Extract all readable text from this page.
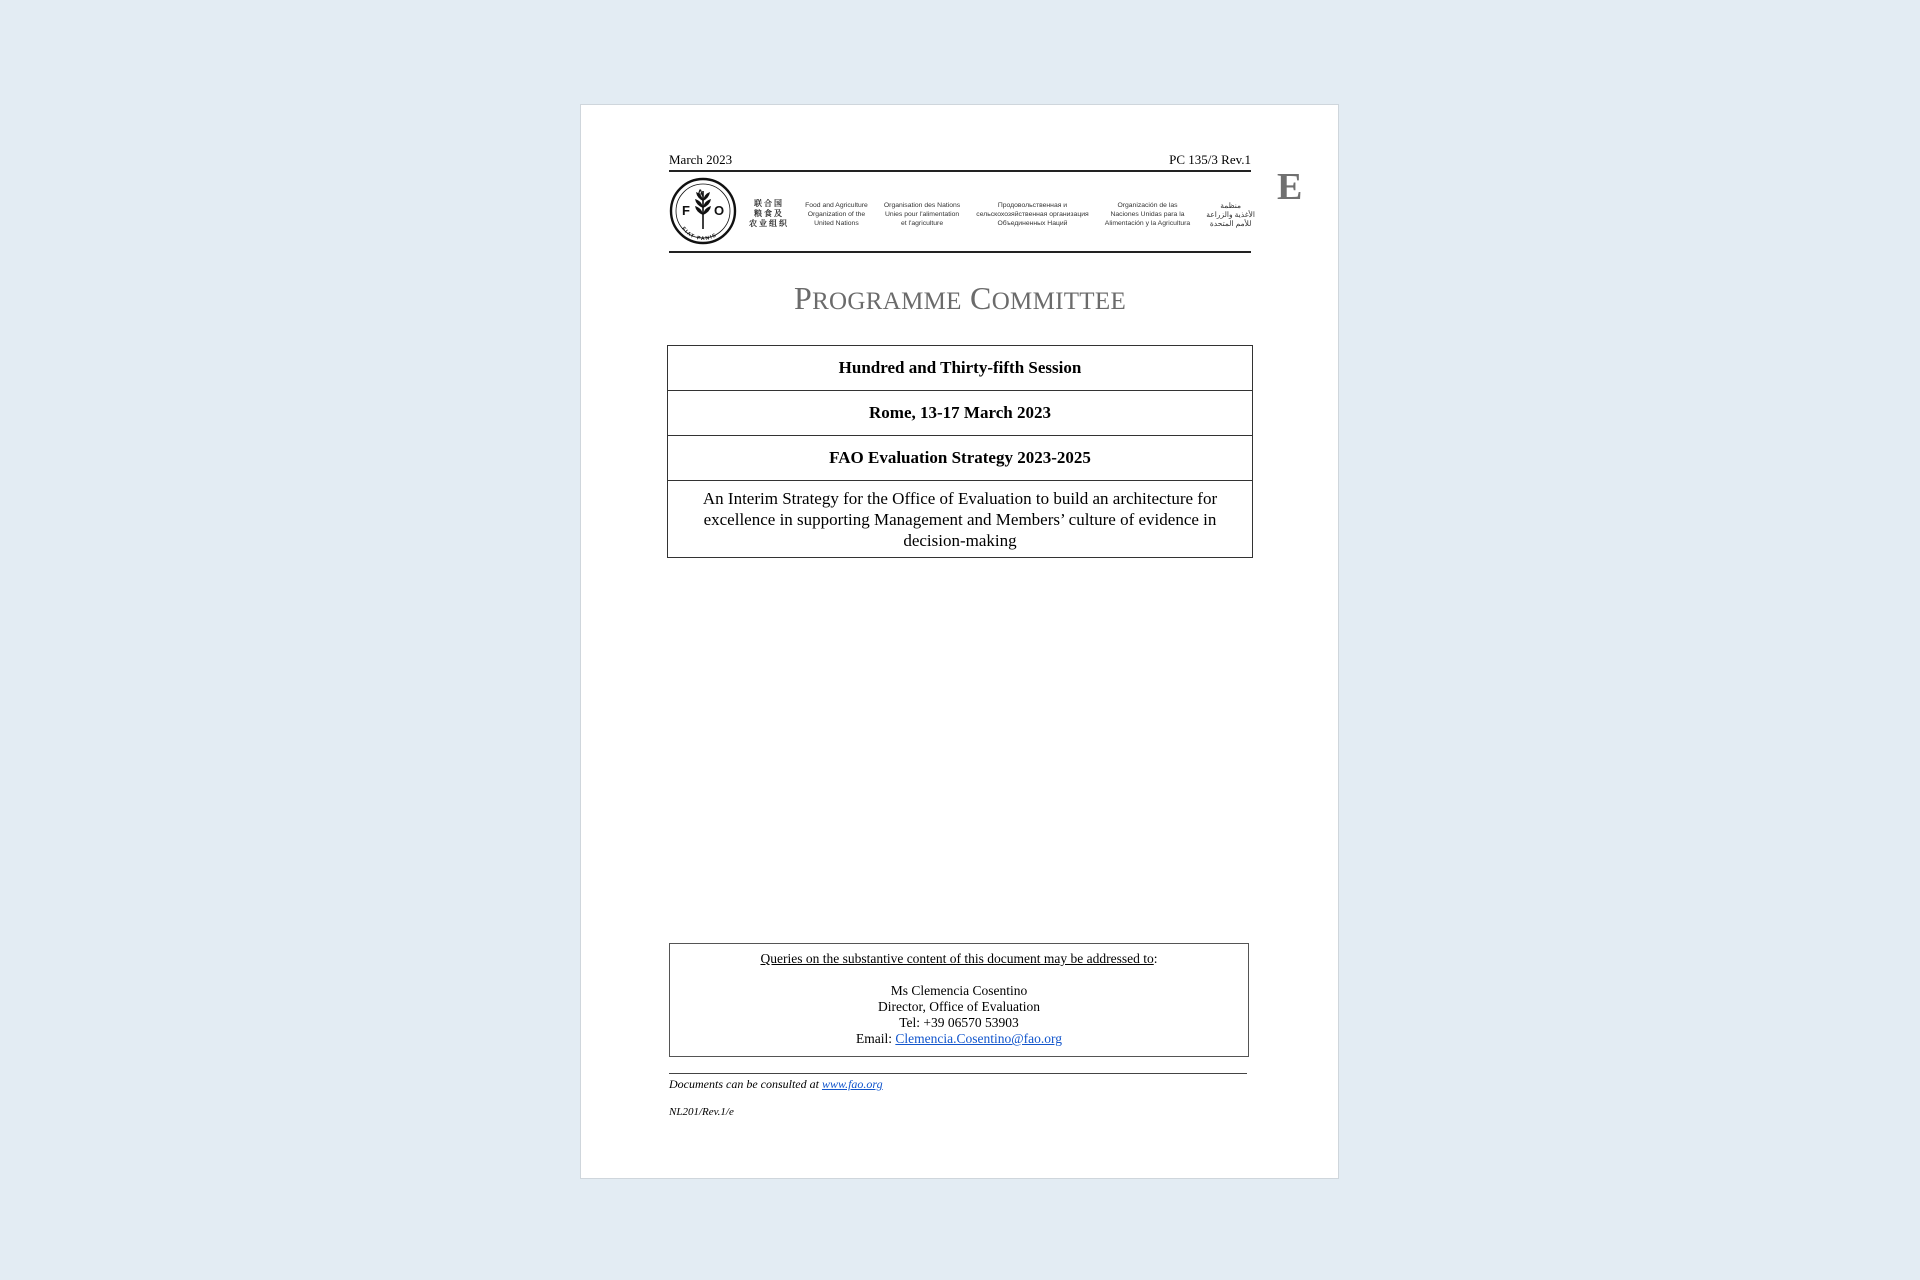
March 2023	PC 135/3 Rev.1
E
F
A
O
FIAT PANIS
联合国
粮食及
农业组织
Food and Agriculture
Organization of the
United Nations
Organisation des Nations
Unies pour l'alimentation
et l'agriculture
Продовольственная и
сельскохозяйственная организация
Объединенных Наций
Organización de las
Naciones Unidas para la
Alimentación y la Agricultura
منظمة
الأغذية والزراعة
للأمم المتحدة
PROGRAMME COMMITTEE
Hundred and Thirty-fifth Session
Rome, 13-17 March 2023
FAO Evaluation Strategy 2023-2025
An Interim Strategy for the Office of Evaluation to build an architecture for excellence in supporting Management and Members’ culture of evidence in decision-making
Queries on the substantive content of this document may be addressed to:
Ms Clemencia Cosentino
Director, Office of Evaluation
Tel: +39 06570 53903
Email: Clemencia.Cosentino@fao.org
Documents can be consulted at www.fao.org
NL201/Rev.1/e
